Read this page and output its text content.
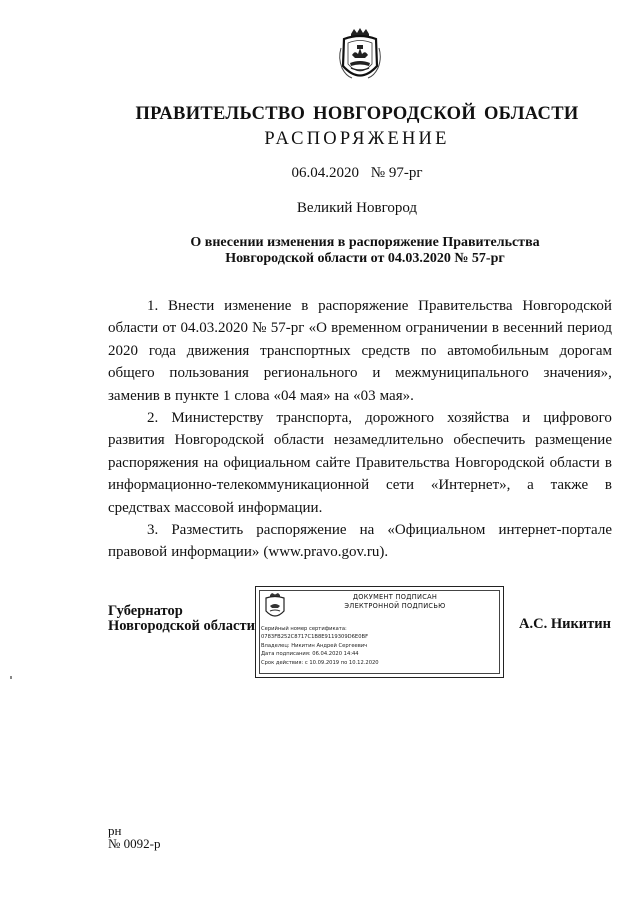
ПРАВИТЕЛЬСТВО НОВГОРОДСКОЙ ОБЛАСТИ
РАСПОРЯЖЕНИЕ
06.04.2020 № 97-рг
Великий Новгород
О внесении изменения в распоряжение Правительства
Новгородской области от 04.03.2020 № 57-рг
1. Внести изменение в распоряжение Правительства Новгородской
области от 04.03.2020 № 57-рг «О временном ограничении в весенний период
2020 года движения транспортных средств по автомобильным дорогам
общего пользования регионального и межмуниципального значения»,
заменив в пункте 1 слова «04 мая» на «03 мая».
2. Министерству транспорта, дорожного хозяйства и цифрового
развития Новгородской области незамедлительно обеспечить размещение
распоряжения на официальном сайте Правительства Новгородской области в
информационно-телекоммуникационной сети «Интернет», а также в
средствах массовой информации.
3. Разместить распоряжение на «Официальном интернет-портале
правовой информации» (www.pravo.gov.ru).
Губернатор
Новгородской области
ДОКУМЕНТ ПОДПИСАН
ЭЛЕКТРОННОЙ ПОДПИСЬЮ
Серийный номер сертификата:
0783FB252C8717C1B8E9119309D6E0BF
Владелец: Никитин Андрей Сергеевич
Дата подписания: 06.04.2020 14:44
Срок действия: с 10.09.2019 по 10.12.2020
А.С. Никитин
рн
№ 0092-р
